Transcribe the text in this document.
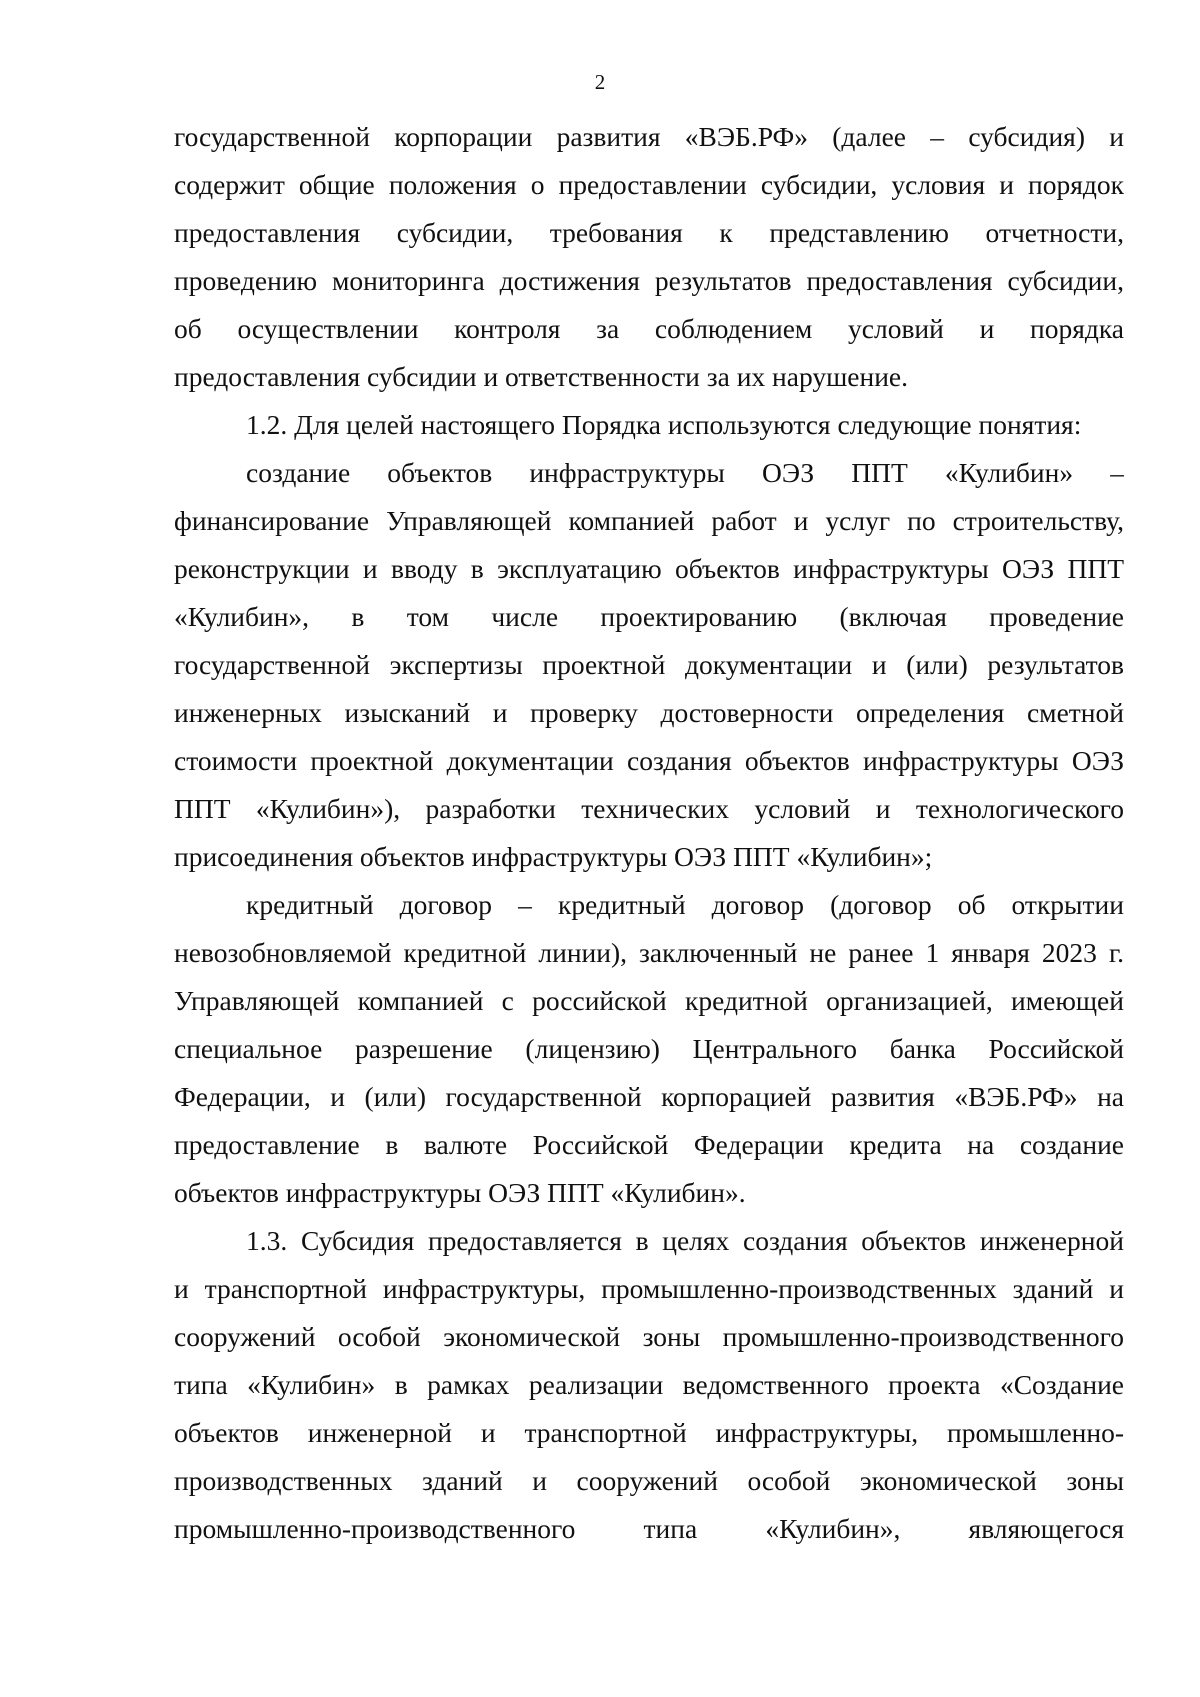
2
государственной корпорации развития «ВЭБ.РФ» (далее – субсидия) и
содержит общие положения о предоставлении субсидии, условия и порядок
предоставления субсидии, требования к представлению отчетности,
проведению мониторинга достижения результатов предоставления субсидии,
об осуществлении контроля за соблюдением условий и порядка
предоставления субсидии и ответственности за их нарушение.
1.2. Для целей настоящего Порядка используются следующие понятия:
создание объектов инфраструктуры ОЭЗ ППТ «Кулибин» –
финансирование Управляющей компанией работ и услуг по строительству,
реконструкции и вводу в эксплуатацию объектов инфраструктуры ОЭЗ ППТ
«Кулибин», в том числе проектированию (включая проведение
государственной экспертизы проектной документации и (или) результатов
инженерных изысканий и проверку достоверности определения сметной
стоимости проектной документации создания объектов инфраструктуры ОЭЗ
ППТ «Кулибин»), разработки технических условий и технологического
присоединения объектов инфраструктуры ОЭЗ ППТ «Кулибин»;
кредитный договор – кредитный договор (договор об открытии
невозобновляемой кредитной линии), заключенный не ранее 1 января 2023 г.
Управляющей компанией с российской кредитной организацией, имеющей
специальное разрешение (лицензию) Центрального банка Российской
Федерации, и (или) государственной корпорацией развития «ВЭБ.РФ» на
предоставление в валюте Российской Федерации кредита на создание
объектов инфраструктуры ОЭЗ ППТ «Кулибин».
1.3. Субсидия предоставляется в целях создания объектов инженерной
и транспортной инфраструктуры, промышленно-производственных зданий и
сооружений особой экономической зоны промышленно-производственного
типа «Кулибин» в рамках реализации ведомственного проекта «Создание
объектов инженерной и транспортной инфраструктуры, промышленно-
производственных зданий и сооружений особой экономической зоны
промышленно-производственного типа «Кулибин», являющегося
